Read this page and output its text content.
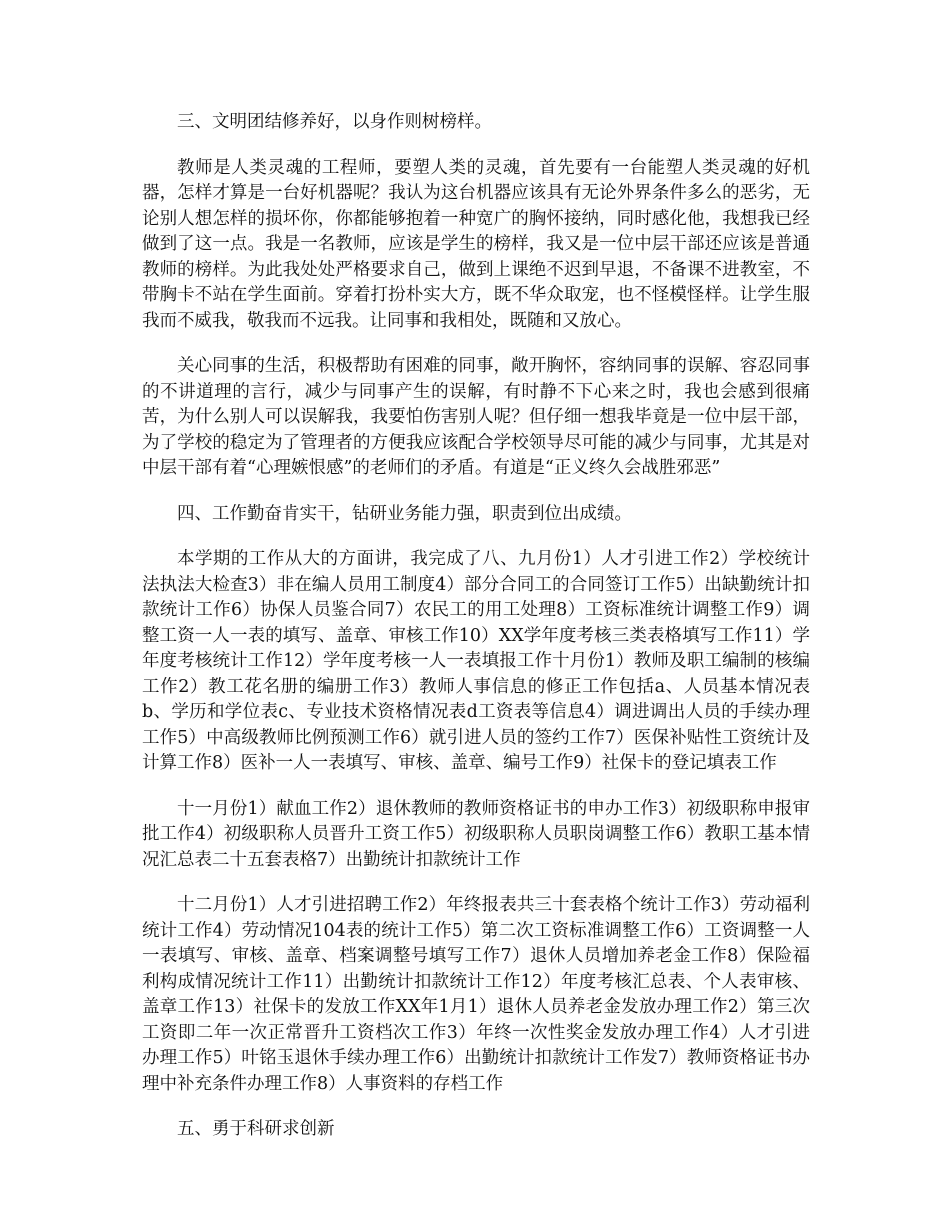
三、文明团结修养好，以身作则树榜样。

教师是人类灵魂的工程师，要塑人类的灵魂，首先要有一台能塑人类灵魂的好机器，怎样才算是一台好机器呢？我认为这台机器应该具有无论外界条件多么的恶劣，无论别人想怎样的损坏你，你都能够抱着一种宽广的胸怀接纳，同时感化他，我想我已经做到了这一点。我是一名教师，应该是学生的榜样，我又是一位中层干部还应该是普通教师的榜样。为此我处处严格要求自己，做到上课绝不迟到早退，不备课不进教室，不带胸卡不站在学生面前。穿着打扮朴实大方，既不华众取宠，也不怪模怪样。让学生服我而不威我，敬我而不远我。让同事和我相处，既随和又放心。

关心同事的生活，积极帮助有困难的同事，敞开胸怀，容纳同事的误解、容忍同事的不讲道理的言行，减少与同事产生的误解，有时静不下心来之时，我也会感到很痛苦，为什么别人可以误解我，我要怕伤害别人呢？但仔细一想我毕竟是一位中层干部，为了学校的稳定为了管理者的方便我应该配合学校领导尽可能的减少与同事，尤其是对中层干部有着“心理嫉恨感”的老师们的矛盾。有道是“正义终久会战胜邪恶”

四、工作勤奋肯实干，钻研业务能力强，职责到位出成绩。

本学期的工作从大的方面讲，我完成了八、九月份1）人才引进工作2）学校统计法执法大检查3）非在编人员用工制度4）部分合同工的合同签订工作5）出缺勤统计扣款统计工作6）协保人员鉴合同7）农民工的用工处理8）工资标准统计调整工作9）调整工资一人一表的填写、盖章、审核工作10）XX学年度考核三类表格填写工作11）学年度考核统计工作12）学年度考核一人一表填报工作十月份1）教师及职工编制的核编工作2）教工花名册的编册工作3）教师人事信息的修正工作包括a、人员基本情况表b、学历和学位表c、专业技术资格情况表d工资表等信息4）调进调出人员的手续办理工作5）中高级教师比例预测工作6）就引进人员的签约工作7）医保补贴性工资统计及计算工作8）医补一人一表填写、审核、盖章、编号工作9）社保卡的登记填表工作

十一月份1）献血工作2）退休教师的教师资格证书的申办工作3）初级职称申报审批工作4）初级职称人员晋升工资工作5）初级职称人员职岗调整工作6）教职工基本情况汇总表二十五套表格7）出勤统计扣款统计工作

十二月份1）人才引进招聘工作2）年终报表共三十套表格个统计工作3）劳动福利统计工作4）劳动情况104表的统计工作5）第二次工资标准调整工作6）工资调整一人一表填写、审核、盖章、档案调整号填写工作7）退休人员增加养老金工作8）保险福利构成情况统计工作11）出勤统计扣款统计工作12）年度考核汇总表、个人表审核、盖章工作13）社保卡的发放工作XX年1月1）退休人员养老金发放办理工作2）第三次工资即二年一次正常晋升工资档次工作3）年终一次性奖金发放办理工作4）人才引进办理工作5）叶铭玉退休手续办理工作6）出勤统计扣款统计工作发7）教师资格证书办理中补充条件办理工作8）人事资料的存档工作

五、勇于科研求创新
